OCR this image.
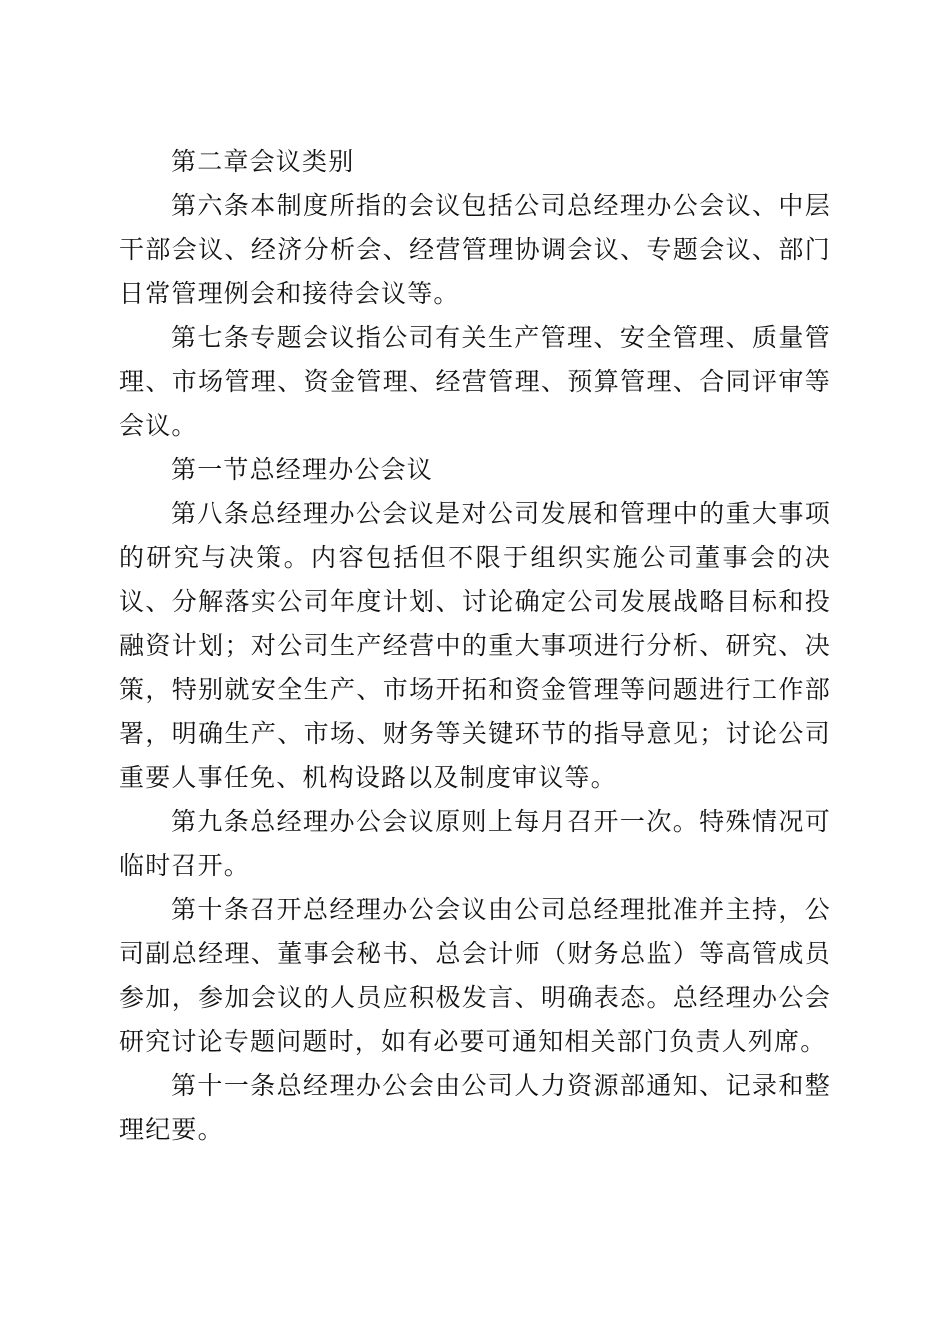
第二章会议类别

第六条本制度所指的会议包括公司总经理办公会议、中层干部会议、经济分析会、经营管理协调会议、专题会议、部门日常管理例会和接待会议等。

第七条专题会议指公司有关生产管理、安全管理、质量管理、市场管理、资金管理、经营管理、预算管理、合同评审等会议。

第一节总经理办公会议

第八条总经理办公会议是对公司发展和管理中的重大事项的研究与决策。内容包括但不限于组织实施公司董事会的决议、分解落实公司年度计划、讨论确定公司发展战略目标和投融资计划；对公司生产经营中的重大事项进行分析、研究、决策，特别就安全生产、市场开拓和资金管理等问题进行工作部署，明确生产、市场、财务等关键环节的指导意见；讨论公司重要人事任免、机构设路以及制度审议等。

第九条总经理办公会议原则上每月召开一次。特殊情况可临时召开。

第十条召开总经理办公会议由公司总经理批准并主持，公司副总经理、董事会秘书、总会计师（财务总监）等高管成员参加，参加会议的人员应积极发言、明确表态。总经理办公会研究讨论专题问题时，如有必要可通知相关部门负责人列席。

第十一条总经理办公会由公司人力资源部通知、记录和整理纪要。
